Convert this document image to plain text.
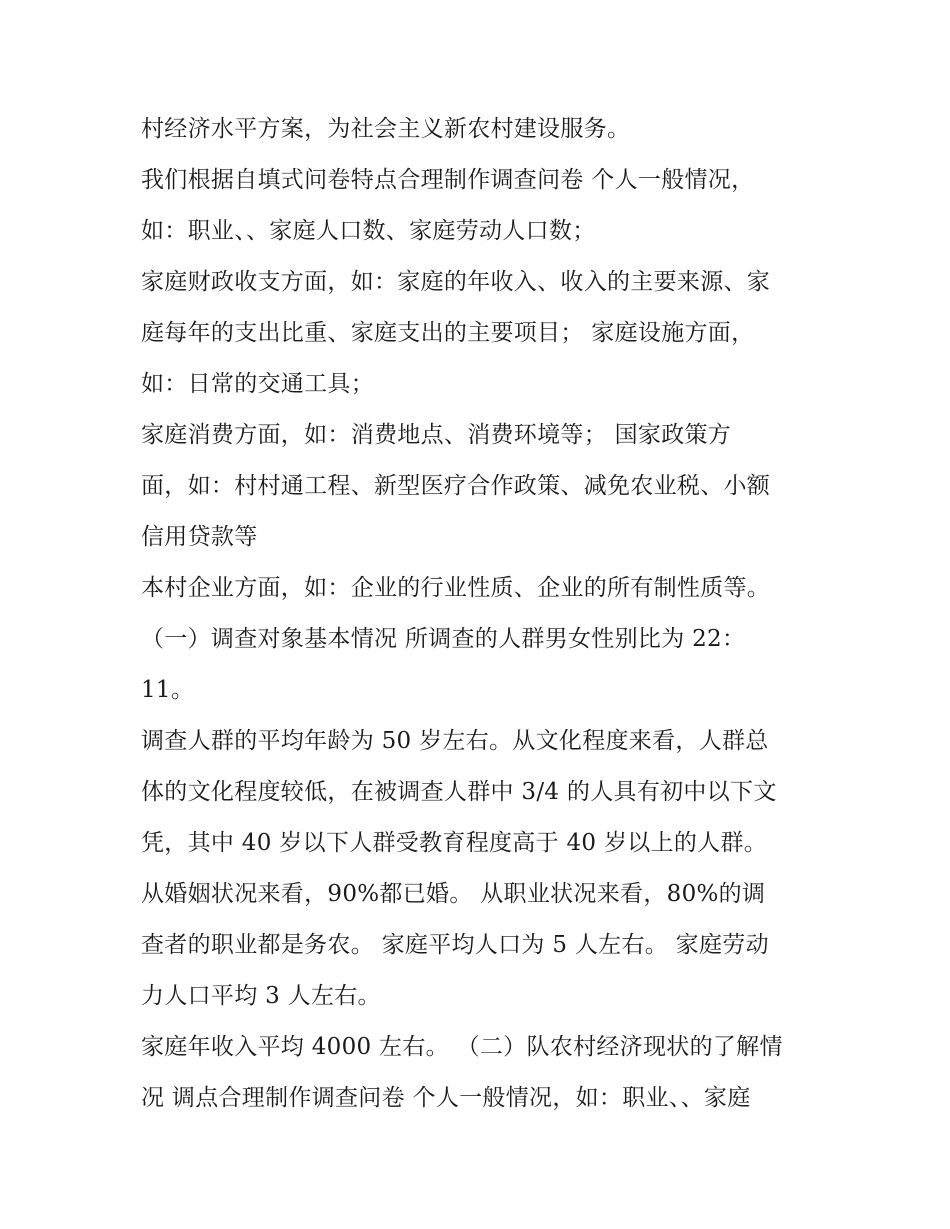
村经济水平方案，为社会主义新农村建设服务。
我们根据自填式问卷特点合理制作调查问卷 个人一般情况，
如：职业、、家庭人口数、家庭劳动人口数；
家庭财政收支方面，如：家庭的年收入、收入的主要来源、家
庭每年的支出比重、家庭支出的主要项目； 家庭设施方面，
如：日常的交通工具；
家庭消费方面，如：消费地点、消费环境等； 国家政策方
面，如：村村通工程、新型医疗合作政策、减免农业税、小额
信用贷款等
本村企业方面，如：企业的行业性质、企业的所有制性质等。
（一）调查对象基本情况 所调查的人群男女性别比为 22：
11。
调查人群的平均年龄为 50 岁左右。从文化程度来看，人群总
体的文化程度较低，在被调查人群中 3/4 的人具有初中以下文
凭，其中 40 岁以下人群受教育程度高于 40 岁以上的人群。
从婚姻状况来看，90%都已婚。 从职业状况来看，80%的调
查者的职业都是务农。 家庭平均人口为 5 人左右。 家庭劳动
力人口平均 3 人左右。
家庭年收入平均 4000 左右。 （二）队农村经济现状的了解情
况 调点合理制作调查问卷 个人一般情况，如：职业、、家庭
